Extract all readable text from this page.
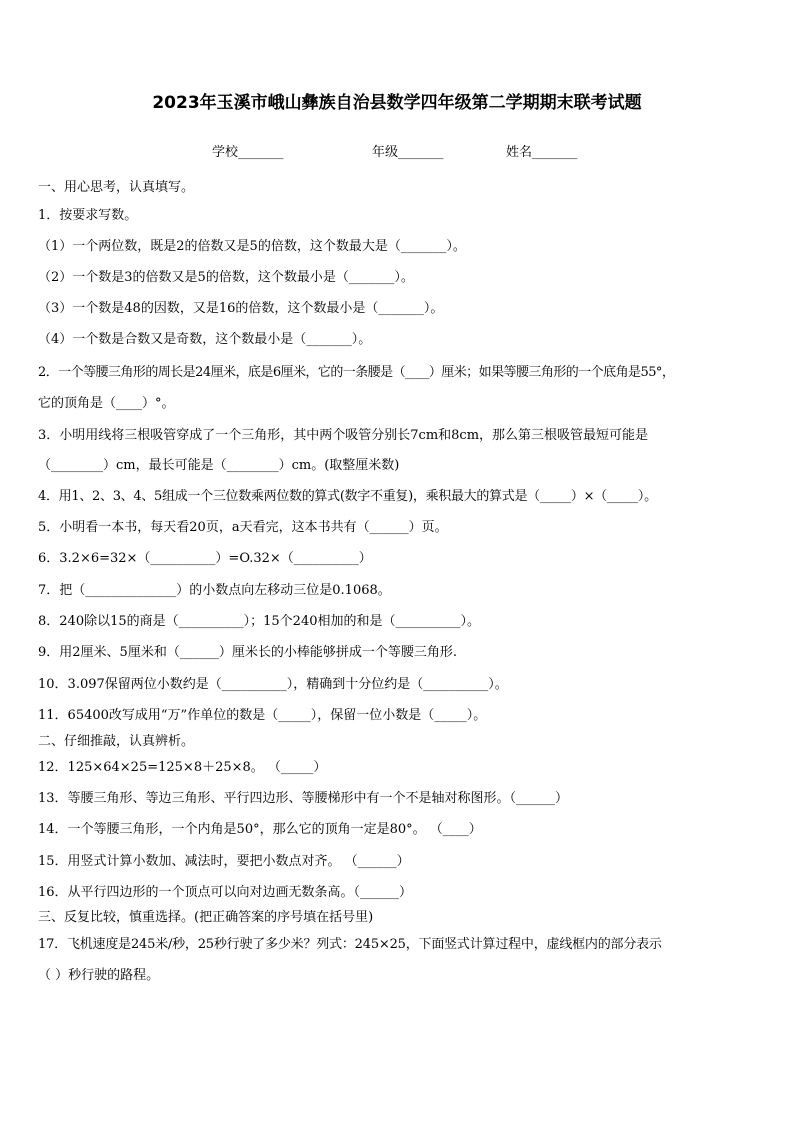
2023年玉溪市峨山彝族自治县数学四年级第二学期期末联考试题
学校_______	年级_______	姓名_______
一、用心思考，认真填写。
1．按要求写数。
（1）一个两位数，既是2的倍数又是5的倍数，这个数最大是（_______）。
（2）一个数是3的倍数又是5的倍数，这个数最小是（_______）。
（3）一个数是48的因数，又是16的倍数，这个数最小是（_______）。
（4）一个数是合数又是奇数，这个数最小是（_______）。
2．一个等腰三角形的周长是24厘米，底是6厘米，它的一条腰是（____）厘米；如果等腰三角形的一个底角是55°，
它的顶角是（____）°。
3．小明用线将三根吸管穿成了一个三角形，其中两个吸管分别长7cm和8cm，那么第三根吸管最短可能是
（________）cm，最长可能是（________）cm。(取整厘米数)
4．用1、2、3、4、5组成一个三位数乘两位数的算式(数字不重复)，乘积最大的算式是（_____）×（_____）。
5．小明看一本书，每天看20页，a天看完，这本书共有（______）页。
6．3.2×6=32×（__________）=O.32×（__________）
7．把（______________）的小数点向左移动三位是0.1068。
8．240除以15的商是（__________）；15个240相加的和是（__________）。
9．用2厘米、5厘米和（______）厘米长的小棒能够拼成一个等腰三角形.
10．3.097保留两位小数约是（__________），精确到十分位约是（__________）。
11．65400改写成用“万”作单位的数是（_____），保留一位小数是（_____）。
二、仔细推敲，认真辨析。
12．125×64×25=125×8＋25×8。 （_____）
13．等腰三角形、等边三角形、平行四边形、等腰梯形中有一个不是轴对称图形。（______）
14．一个等腰三角形，一个内角是50°，那么它的顶角一定是80°。 （____）
15．用竖式计算小数加、减法时，要把小数点对齐。 （______）
16．从平行四边形的一个顶点可以向对边画无数条高。（______）
三、反复比较，慎重选择。(把正确答案的序号填在括号里)
17．飞机速度是245米/秒，25秒行驶了多少米？列式：245×25，下面竖式计算过程中，虚线框内的部分表示
（ ）秒行驶的路程。
